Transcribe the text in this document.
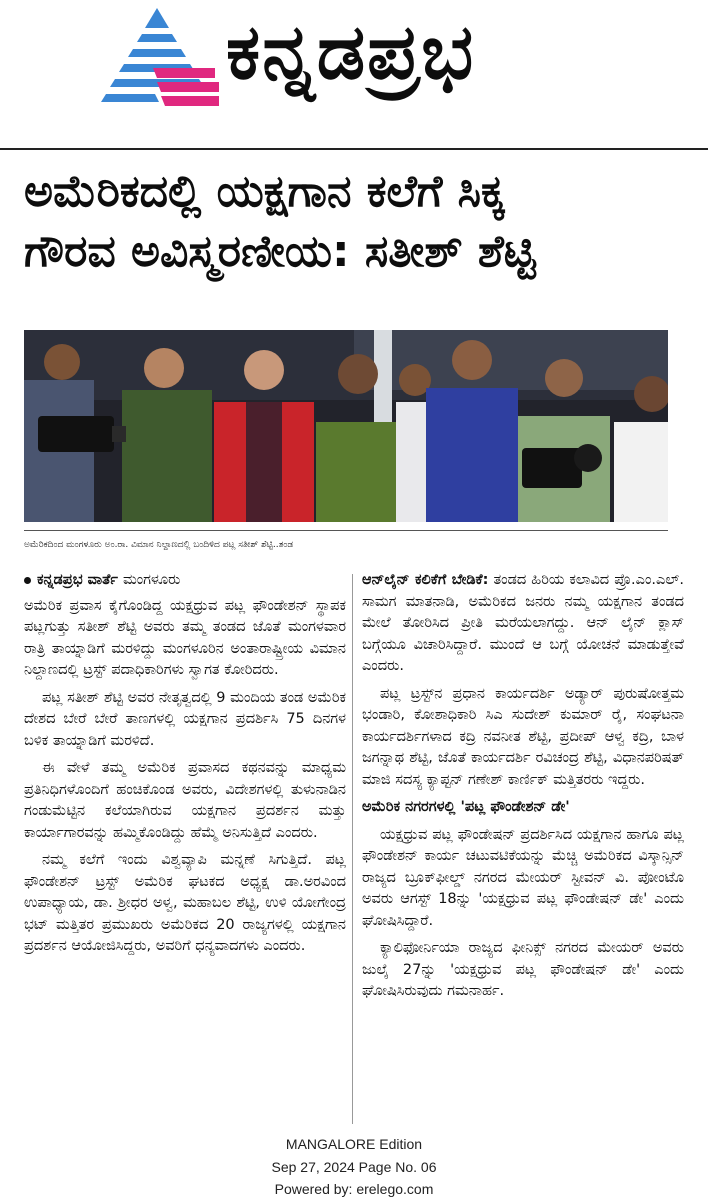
ಕನ್ನಡಪ್ರಭ
ಅಮೆರಿಕದಲ್ಲಿ ಯಕ್ಷಗಾನ ಕಲೆಗೆ ಸಿಕ್ಕ
ಗೌರವ ಅವಿಸ್ಮರಣೀಯ: ಸತೀಶ್ ಶೆಟ್ಟಿ
ಅಮೆರಿಕದಿಂದ ಮಂಗಳೂರು ಅಂ.ರಾ. ವಿಮಾನ ನಿಲ್ದಾಣದಲ್ಲಿ ಬಂದಿಳಿದ ಪಟ್ಲ ಸತೀಶ್ ಶೆಟ್ಟಿ..ತಂಡ
ಕನ್ನಡಪ್ರಭ ವಾರ್ತೆ ಮಂಗಳೂರು

ಅಮೆರಿಕ ಪ್ರವಾಸ ಕೈಗೊಂಡಿದ್ದ ಯಕ್ಷಧ್ರುವ ಪಟ್ಲ ಫೌಂಡೇಶನ್ ಸ್ಥಾಪಕ ಪಟ್ಲಗುತ್ತು ಸತೀಶ್ ಶೆಟ್ಟಿ ಅವರು ತಮ್ಮ ತಂಡದ ಜೊತೆ ಮಂಗಳವಾರ ರಾತ್ರಿ ತಾಯ್ನಾಡಿಗೆ ಮರಳಿದ್ದು ಮಂಗಳೂರಿನ ಅಂತಾರಾಷ್ಟ್ರೀಯ ವಿಮಾನ ನಿಲ್ದಾಣದಲ್ಲಿ ಟ್ರಸ್ಟ್ ಪದಾಧಿಕಾರಿಗಳು ಸ್ವಾಗತ ಕೋರಿದರು.

ಪಟ್ಲ ಸತೀಶ್ ಶೆಟ್ಟಿ ಅವರ ನೇತೃತ್ವದಲ್ಲಿ 9 ಮಂದಿಯ ತಂಡ ಅಮೆರಿಕ ದೇಶದ ಬೇರೆ ಬೇರೆ ತಾಣಗಳಲ್ಲಿ ಯಕ್ಷಗಾನ ಪ್ರದರ್ಶಿಸಿ 75 ದಿನಗಳ ಬಳಿಕ ತಾಯ್ನಾಡಿಗೆ ಮರಳಿದೆ.

ಈ ವೇಳೆ ತಮ್ಮ ಅಮೆರಿಕ ಪ್ರವಾಸದ ಕಥನವನ್ನು ಮಾಧ್ಯಮ ಪ್ರತಿನಿಧಿಗಳೊಂದಿಗೆ ಹಂಚಿಕೊಂಡ ಅವರು, ವಿದೇಶಗಳಲ್ಲಿ ತುಳುನಾಡಿನ ಗಂಡುಮೆಟ್ಟಿನ ಕಲೆಯಾಗಿರುವ ಯಕ್ಷಗಾನ ಪ್ರದರ್ಶನ ಮತ್ತು ಕಾರ್ಯಾಗಾರವನ್ನು ಹಮ್ಮಿಕೊಂಡಿದ್ದು ಹೆಮ್ಮೆ ಅನಿಸುತ್ತಿದೆ ಎಂದರು.

ನಮ್ಮ ಕಲೆಗೆ ಇಂದು ವಿಶ್ವವ್ಯಾಪಿ ಮನ್ನಣೆ ಸಿಗುತ್ತಿದೆ. ಪಟ್ಲ ಫೌಂಡೇಶನ್ ಟ್ರಸ್ಟ್ ಅಮೆರಿಕ ಘಟಕದ ಅಧ್ಯಕ್ಷ ಡಾ.ಅರವಿಂದ ಉಪಾಧ್ಯಾಯ, ಡಾ. ಶ್ರೀಧರ ಅಳ್ವ, ಮಹಾಬಲ ಶೆಟ್ಟಿ, ಉಳಿ ಯೋಗೇಂದ್ರ ಭಟ್ ಮತ್ತಿತರ ಪ್ರಮುಖರು ಅಮೆರಿಕದ 20 ರಾಜ್ಯಗಳಲ್ಲಿ ಯಕ್ಷಗಾನ ಪ್ರದರ್ಶನ ಆಯೋಜಿಸಿದ್ದರು, ಅವರಿಗೆ ಧನ್ಯವಾದಗಳು ಎಂದರು.

ಆನ್‌ಲೈನ್ ಕಲಿಕೆಗೆ ಬೇಡಿಕೆ: ತಂಡದ ಹಿರಿಯ ಕಲಾವಿದ ಪ್ರೊ.ಎಂ.ಎಲ್. ಸಾಮಗ ಮಾತನಾಡಿ, ಅಮೆರಿಕದ ಜನರು ನಮ್ಮ ಯಕ್ಷಗಾನ ತಂಡದ ಮೇಲೆ ತೋರಿಸಿದ ಪ್ರೀತಿ ಮರೆಯಲಾಗದ್ದು. ಆನ್ ಲೈನ್ ಕ್ಲಾಸ್ ಬಗ್ಗೆಯೂ ವಿಚಾರಿಸಿದ್ದಾರೆ. ಮುಂದೆ ಆ ಬಗ್ಗೆ ಯೋಚನೆ ಮಾಡುತ್ತೇವೆ ಎಂದರು.

ಪಟ್ಲ ಟ್ರಸ್ಟ್‌ನ ಪ್ರಧಾನ ಕಾರ್ಯದರ್ಶಿ ಅಡ್ಯಾರ್ ಪುರುಷೋತ್ತಮ ಭಂಡಾರಿ, ಕೋಶಾಧಿಕಾರಿ ಸಿಎ ಸುದೇಶ್ ಕುಮಾರ್ ರೈ, ಸಂಘಟನಾ ಕಾರ್ಯದರ್ಶಿಗಳಾದ ಕದ್ರಿ ನವನೀತ ಶೆಟ್ಟಿ, ಪ್ರದೀಪ್ ಆಳ್ವ ಕದ್ರಿ, ಬಾಳ ಜಗನ್ನಾಥ ಶೆಟ್ಟಿ, ಜೊತೆ ಕಾರ್ಯದರ್ಶಿ ರವಿಚಂದ್ರ ಶೆಟ್ಟಿ, ವಿಧಾನಪರಿಷತ್ ಮಾಜಿ ಸದಸ್ಯ ಕ್ಯಾಪ್ಟನ್ ಗಣೇಶ್ ಕಾರ್ಣಿಕ್ ಮತ್ತಿತರರು ಇದ್ದರು.

ಅಮೆರಿಕ ನಗರಗಳಲ್ಲಿ 'ಪಟ್ಲ ಫೌಂಡೇಶನ್ ಡೇ'

ಯಕ್ಷಧ್ರುವ ಪಟ್ಲ ಫೌಂಡೇಷನ್ ಪ್ರದರ್ಶಿಸಿದ ಯಕ್ಷಗಾನ ಹಾಗೂ ಪಟ್ಲ ಫೌಂಡೇಶನ್ ಕಾರ್ಯ ಚಟುವಟಿಕೆಯನ್ನು ಮೆಚ್ಚಿ ಅಮೆರಿಕದ ವಿಸ್ಕಾನ್ಸಿನ್ ರಾಜ್ಯದ ಬ್ರೂಕ್‌ಫೀಲ್ಡ್ ನಗರದ ಮೇಯರ್ ಸ್ಟೀವನ್ ವಿ. ಪೋಂಟೊ ಅವರು ಆಗಸ್ಟ್ 18ನ್ನು 'ಯಕ್ಷಧ್ರುವ ಪಟ್ಲ ಫೌಂಡೇಷನ್ ಡೇ' ಎಂದು ಘೋಷಿಸಿದ್ದಾರೆ.

ಕ್ಯಾಲಿಫೋರ್ನಿಯಾ ರಾಜ್ಯದ ಫೀನಿಕ್ಸ್ ನಗರದ ಮೇಯರ್ ಅವರು ಜುಲೈ 27ನ್ನು 'ಯಕ್ಷಧ್ರುವ ಪಟ್ಲ ಫೌಂಡೇಷನ್ ಡೇ' ಎಂದು ಘೋಷಿಸಿರುವುದು ಗಮನಾರ್ಹ.

MANGALORE Edition
Sep 27, 2024 Page No. 06
Powered by: erelego.com
